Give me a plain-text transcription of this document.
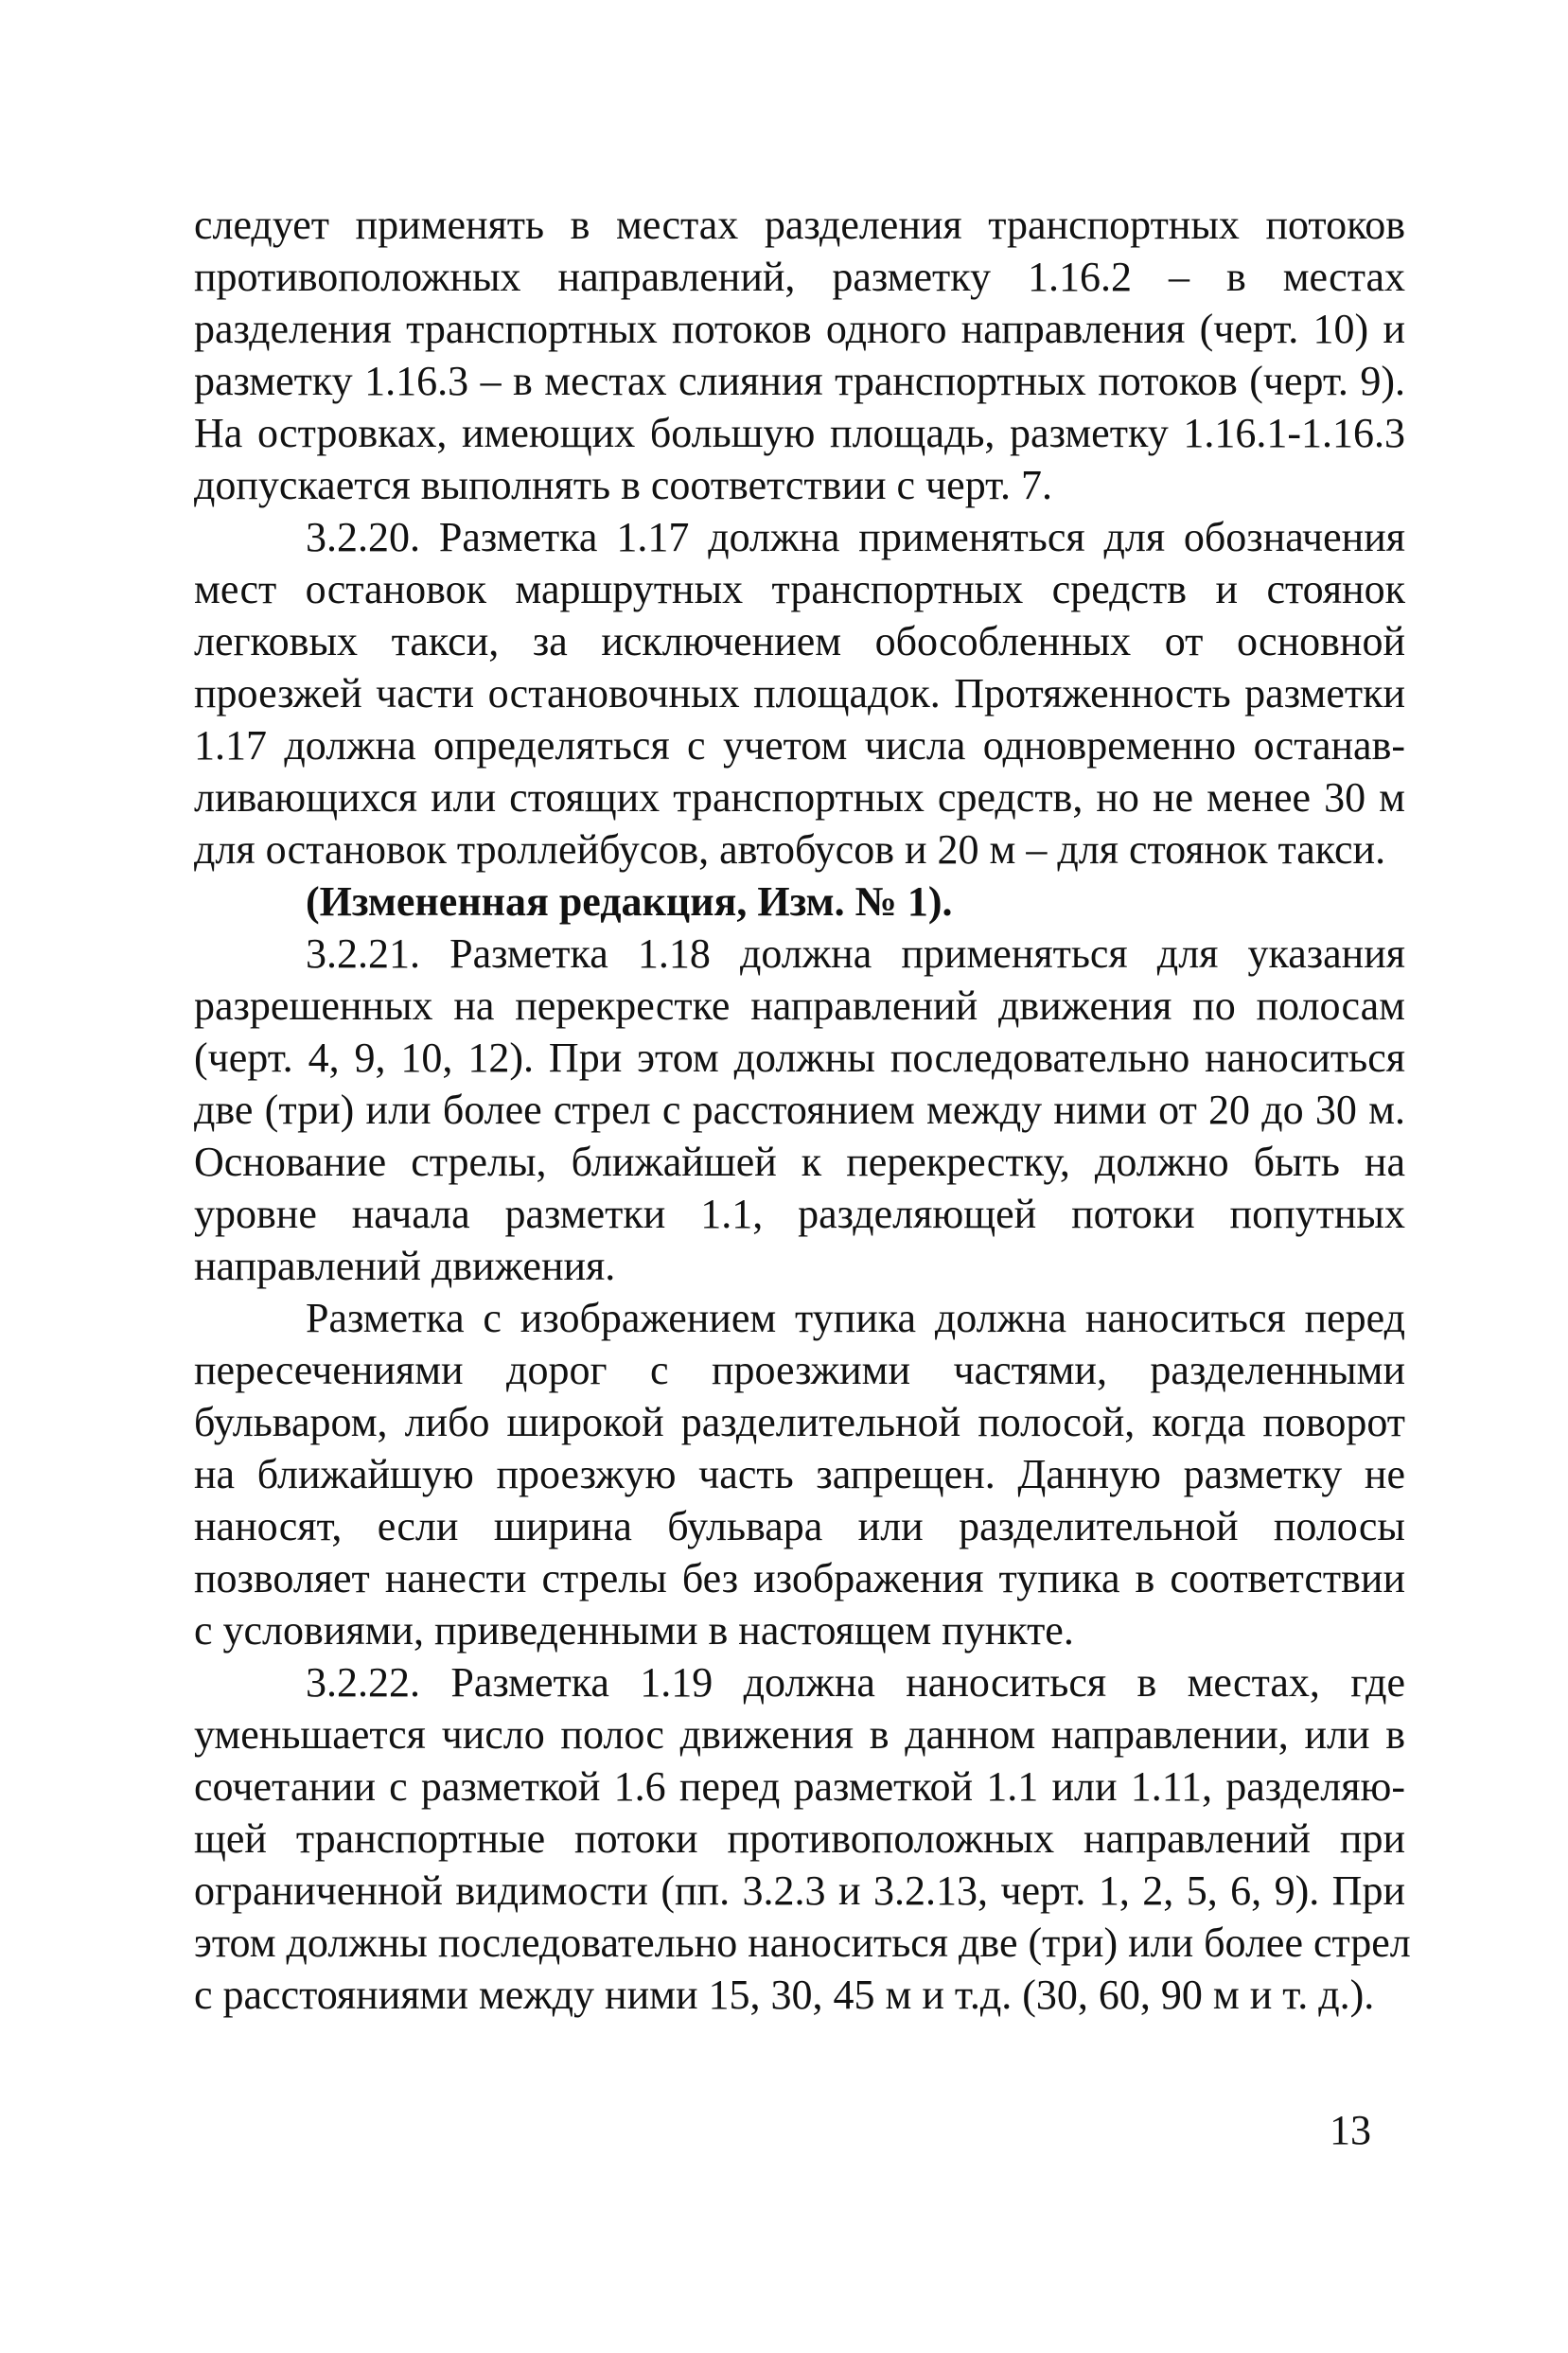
следует применять в местах разделения транспортных потоков
противоположных направлений, разметку 1.16.2 – в местах
разделения транспортных потоков одного направления (черт. 10) и
разметку 1.16.3 – в местах слияния транспортных потоков (черт. 9).
На островках, имеющих большую площадь, разметку 1.16.1-1.16.3
допускается выполнять в соответствии с черт. 7.
3.2.20. Разметка 1.17 должна применяться для обозначения
мест остановок маршрутных транспортных средств и стоянок
легковых такси, за исключением обособленных от основной
проезжей части остановочных площадок. Протяженность разметки
1.17 должна определяться с учетом числа одновременно останав-
ливающихся или стоящих транспортных средств, но не менее 30 м
для остановок троллейбусов, автобусов и 20 м – для стоянок такси.
(Измененная редакция, Изм. № 1).
3.2.21. Разметка 1.18 должна применяться для указания
разрешенных на перекрестке направлений движения по полосам
(черт. 4, 9, 10, 12). При этом должны последовательно наноситься
две (три) или более стрел с расстоянием между ними от 20 до 30 м.
Основание стрелы, ближайшей к перекрестку, должно быть на
уровне начала разметки 1.1, разделяющей потоки попутных
направлений движения.
Разметка с изображением тупика должна наноситься перед
пересечениями дорог с проезжими частями, разделенными
бульваром, либо широкой разделительной полосой, когда поворот
на ближайшую проезжую часть запрещен. Данную разметку не
наносят, если ширина бульвара или разделительной полосы
позволяет нанести стрелы без изображения тупика в соответствии
с условиями, приведенными в настоящем пункте.
3.2.22. Разметка 1.19 должна наноситься в местах, где
уменьшается число полос движения в данном направлении, или в
сочетании с разметкой 1.6 перед разметкой 1.1 или 1.11, разделяю-
щей транспортные потоки противоположных направлений при
ограниченной видимости (пп. 3.2.3 и 3.2.13, черт. 1, 2, 5, 6, 9). При
этом должны последовательно наноситься две (три) или более стрел
с расстояниями между ними 15, 30, 45 м и т.д. (30, 60, 90 м и т. д.).
13
